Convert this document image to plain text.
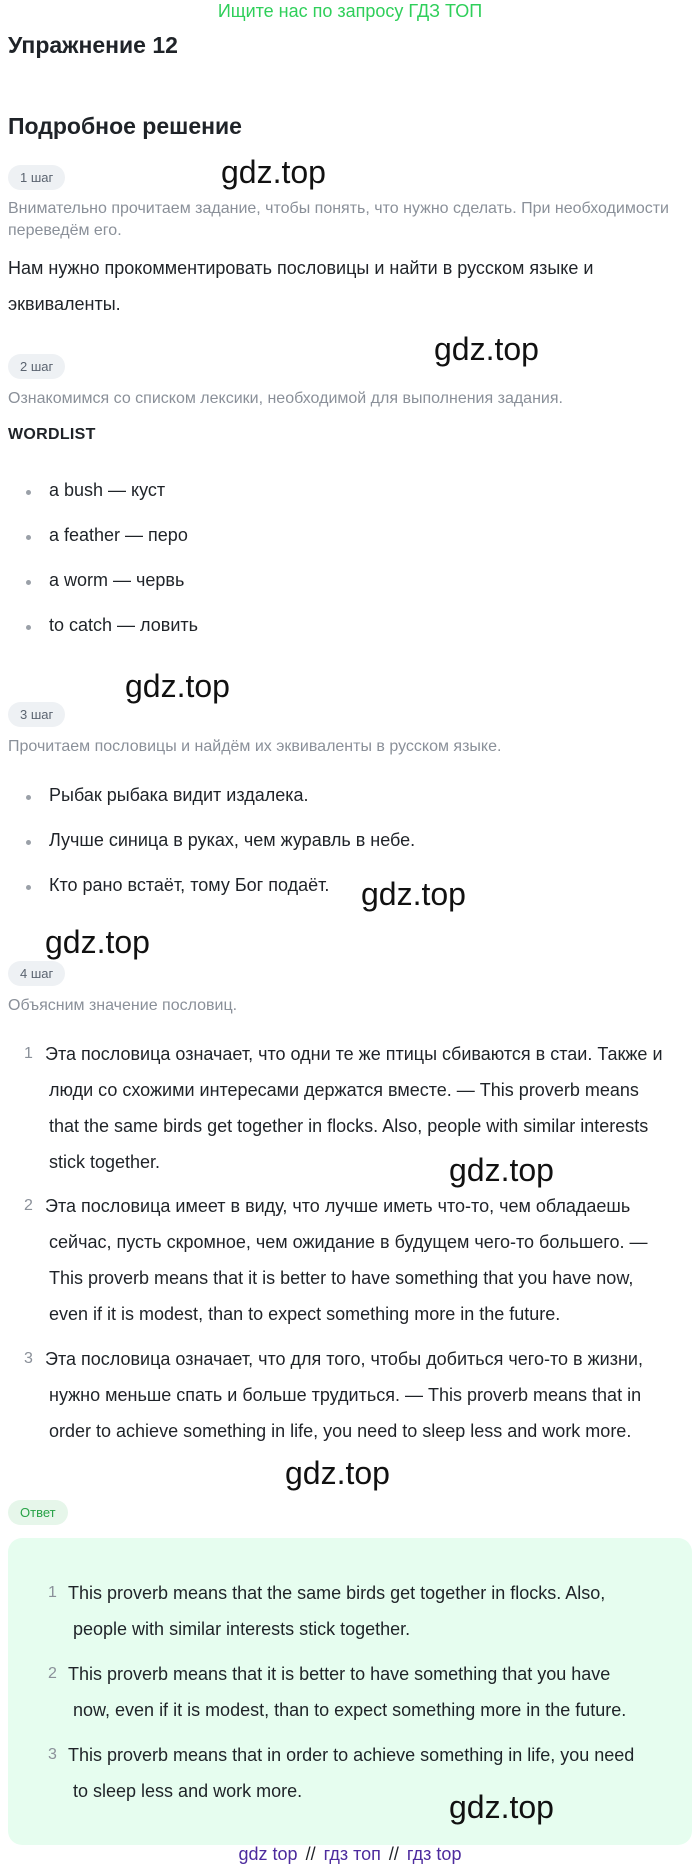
Ищите нас по запросу ГДЗ ТОП
Упражнение 12
Подробное решение
1 шаг	gdz.top
Внимательно прочитаем задание, чтобы понять, что нужно сделать. При необходимости переведём его.
Нам нужно прокомментировать пословицы и найти в русском языке и
эквиваленты.
gdz.top
2 шаг
Ознакомимся со списком лексики, необходимой для выполнения задания.
WORDLIST
a bush — куст
a feather — перо
a worm — червь
to catch — ловить
gdz.top
3 шаг
Прочитаем пословицы и найдём их эквиваленты в русском языке.
Рыбак рыбака видит издалека.
Лучше синица в руках, чем журавль в небе.
Кто рано встаёт, тому Бог подаёт. gdz.top
gdz.top
4 шаг
Объясним значение пословиц.
1 Эта пословица означает, что одни те же птицы сбиваются в стаи. Также и
люди со схожими интересами держатся вместе. — This proverb means
that the same birds get together in flocks. Also, people with similar interests
stick together.	gdz.top
2 Эта пословица имеет в виду, что лучше иметь что-то, чем обладаешь
сейчас, пусть скромное, чем ожидание в будущем чего-то большего. —
This proverb means that it is better to have something that you have now,
even if it is modest, than to expect something more in the future.
3 Эта пословица означает, что для того, чтобы добиться чего-то в жизни,
нужно меньше спать и больше трудиться. — This proverb means that in
order to achieve something in life, you need to sleep less and work more.
gdz.top
Ответ
1 This proverb means that the same birds get together in flocks. Also,
people with similar interests stick together.
2 This proverb means that it is better to have something that you have
now, even if it is modest, than to expect something more in the future.
3 This proverb means that in order to achieve something in life, you need
to sleep less and work more.	gdz.top
gdz top // гдз топ // гдз top
